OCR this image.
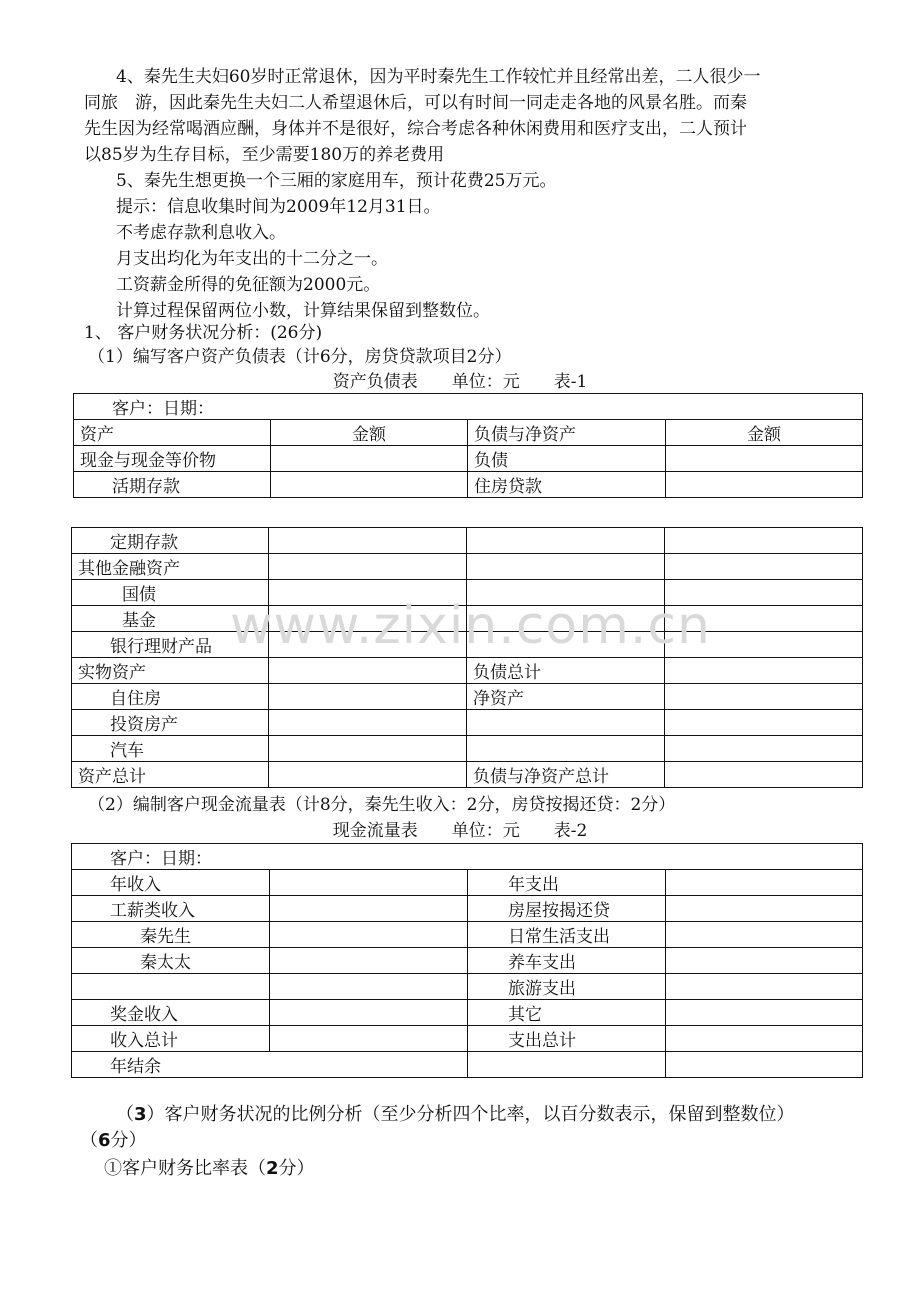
4、秦先生夫妇60岁时正常退休，因为平时秦先生工作较忙并且经常出差，二人很少一
同旅　游，因此秦先生夫妇二人希望退休后，可以有时间一同走走各地的风景名胜。而秦
先生因为经常喝酒应酬，身体并不是很好，综合考虑各种休闲费用和医疗支出，二人预计
以85岁为生存目标，至少需要180万的养老费用
5、秦先生想更换一个三厢的家庭用车，预计花费25万元。
提示：信息收集时间为2009年12月31日。
不考虑存款利息收入。
月支出均化为年支出的十二分之一。
工资薪金所得的免征额为2000元。
计算过程保留两位小数，计算结果保留到整数位。
1、 客户财务状况分析：(26分)
（1）编写客户资产负债表（计6分，房贷贷款项目2分）
资产负债表　　单位：元　　表-1
客户：日期：			
资产	金额	负债与净资产	金额
现金与现金等价物		负债	
活期存款		住房贷款	
定期存款			
其他金融资产			
国债			
基金			
银行理财产品			
实物资产		负债总计	
自住房		净资产	
投资房产			
汽车			
资产总计		负债与净资产总计	
（2）编制客户现金流量表（计8分，秦先生收入：2分，房贷按揭还贷：2分）
现金流量表　　单位：元　　表-2
客户：日期：			
年收入		年支出	
工薪类收入		房屋按揭还贷	
秦先生		日常生活支出	
秦太太		养车支出	
		旅游支出	
奖金收入		其它	
收入总计		支出总计	
年结余			
（3）客户财务状况的比例分析（至少分析四个比率，以百分数表示，保留到整数位）
（6分）
①客户财务比率表（2分）
www.zixin.com.cn
